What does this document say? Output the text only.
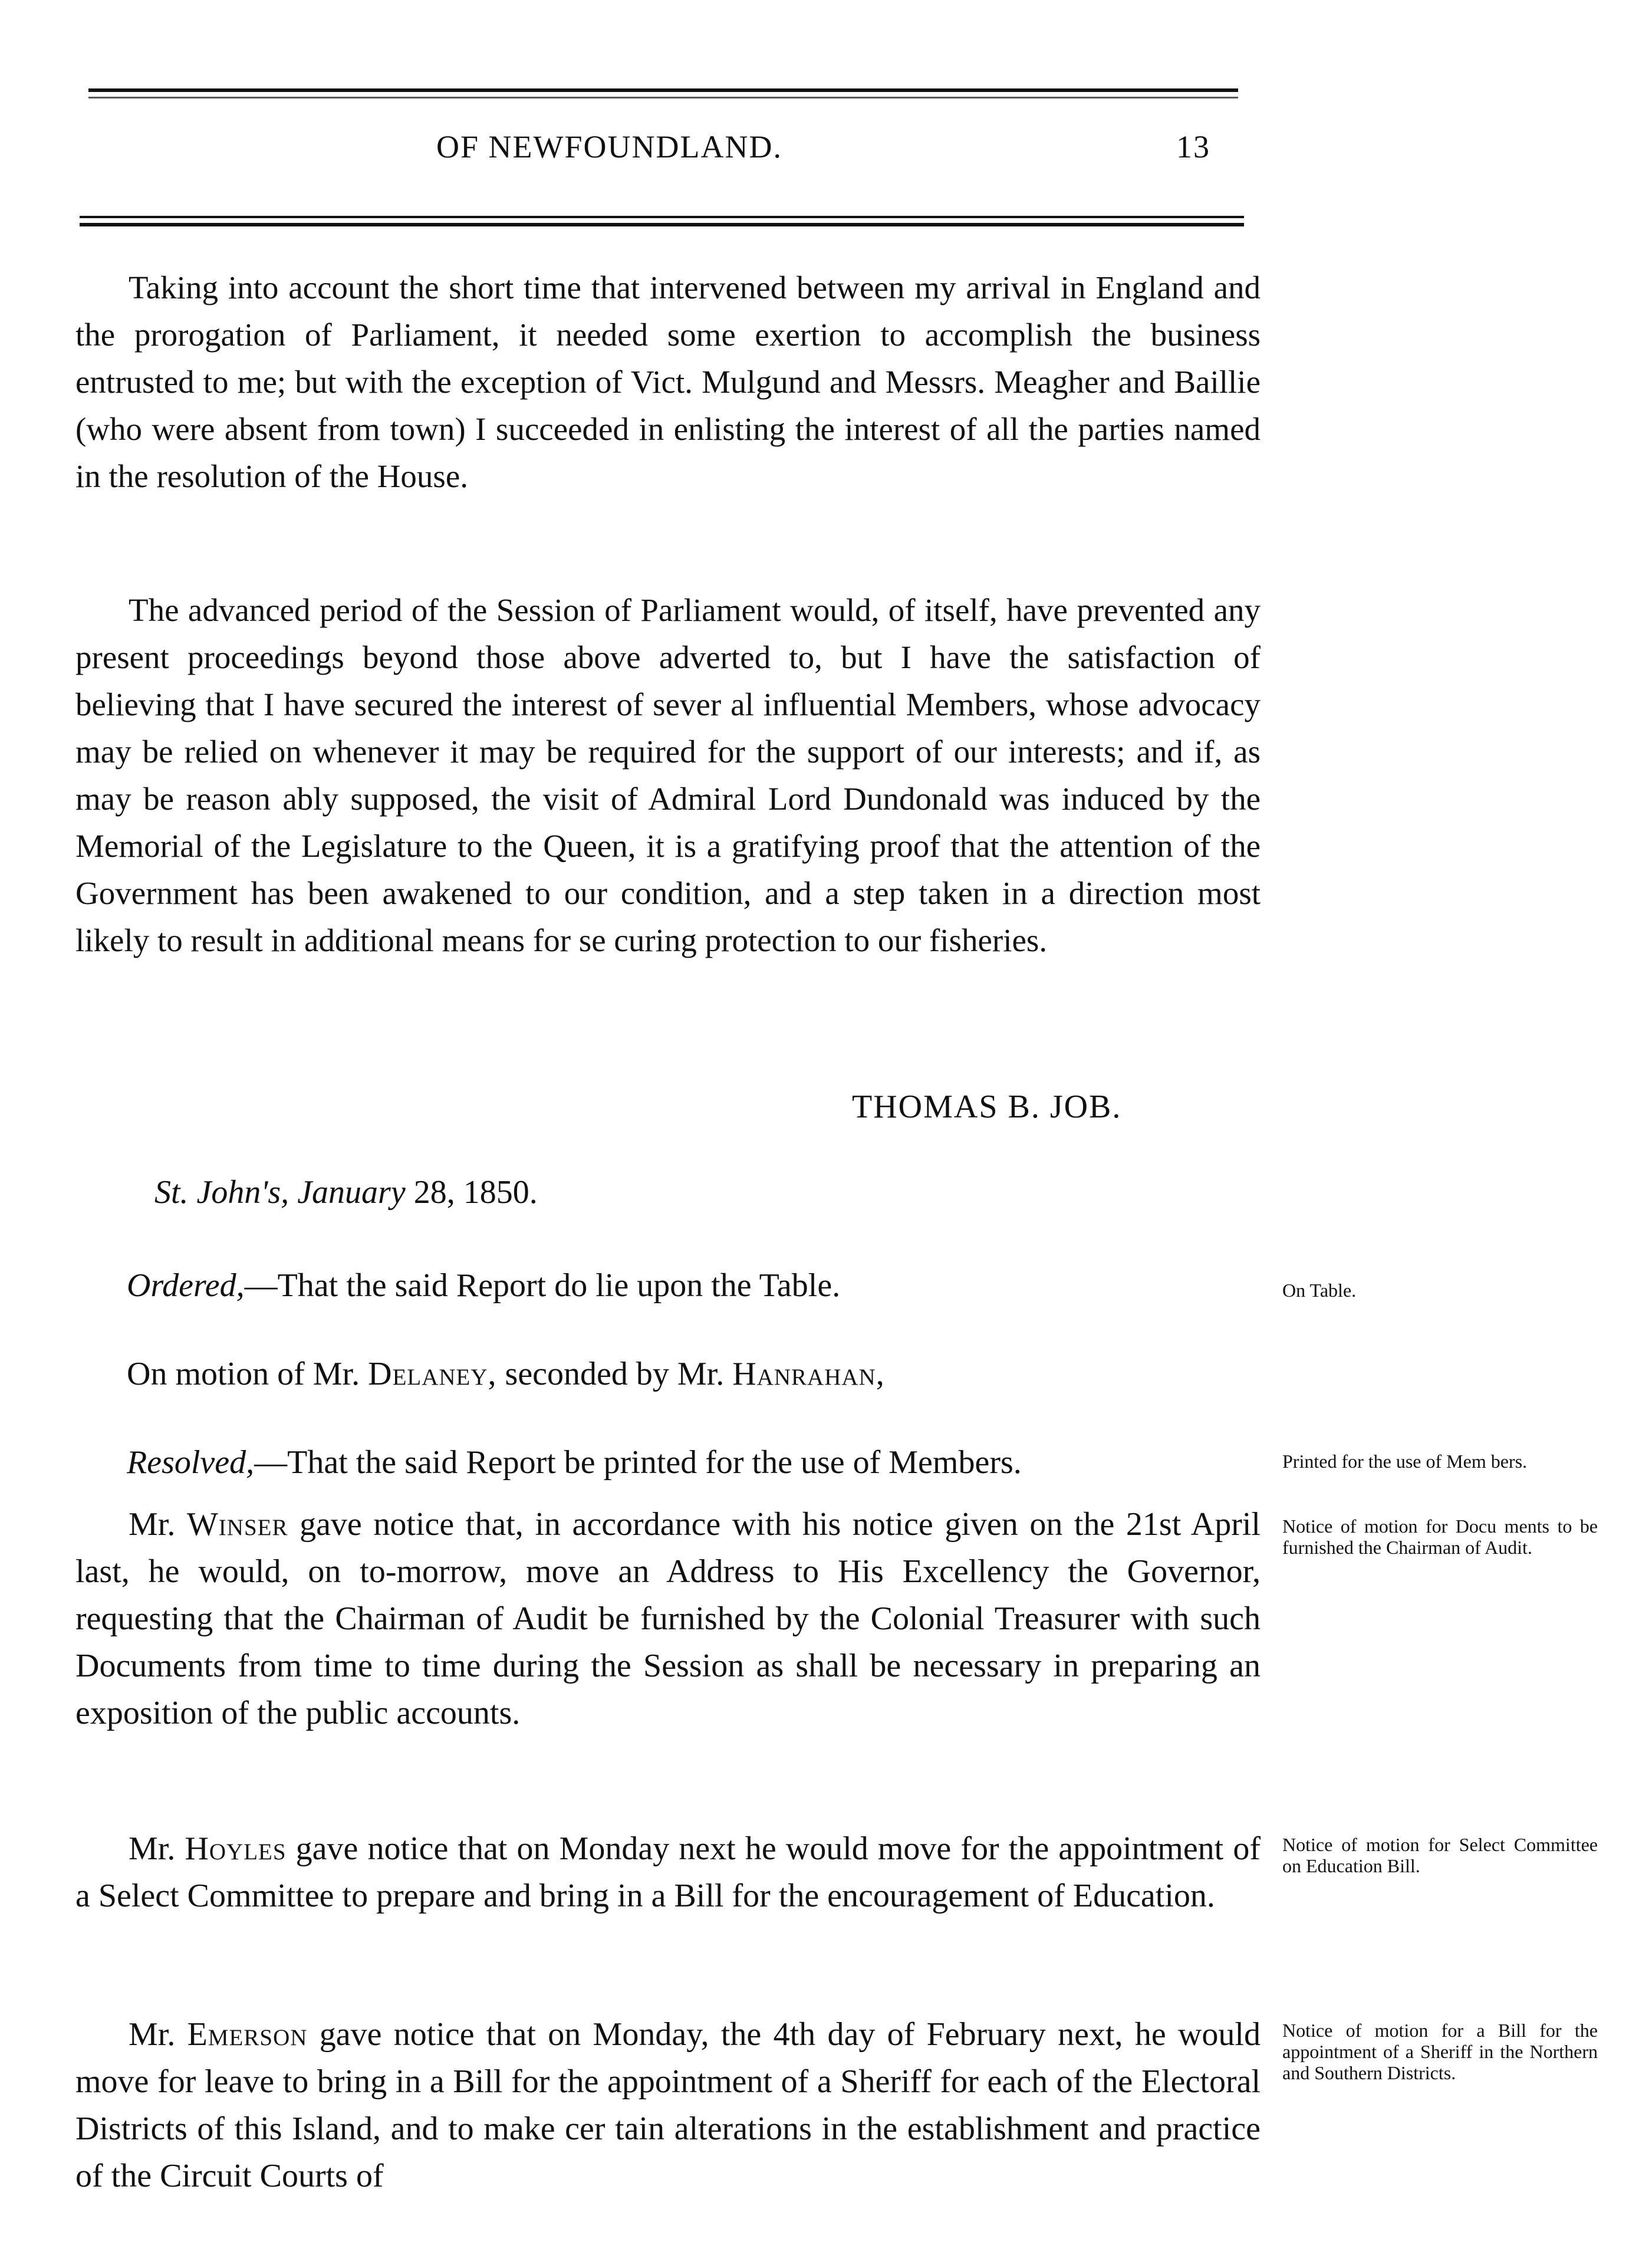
OF NEWFOUNDLAND.	13

Taking into account the short time that intervened between my arrival in England and the prorogation of Parliament, it needed some exertion to accomplish the business entrusted to me; but with the exception of Vict. Mulgund and Messrs. Meagher and Baillie (who were absent from town) I succeeded in enlisting the interest of all the parties named in the resolution of the House.

The advanced period of the Session of Parliament would, of itself, have prevented any present proceedings beyond those above adverted to, but I have the satisfaction of believing that I have secured the interest of sever al influential Members, whose advocacy may be relied on whenever it may be required for the support of our interests; and if, as may be reason ably supposed, the visit of Admiral Lord Dundonald was induced by the Memorial of the Legislature to the Queen, it is a gratifying proof that the attention of the Government has been awakened to our condition, and a step taken in a direction most likely to result in additional means for se curing protection to our fisheries.

THOMAS B. JOB.
St. John's, January 28, 1850.
Ordered,—That the said Report do lie upon the Table.
On motion of Mr. Delaney, seconded by Mr. Hanrahan,
Resolved,—That the said Report be printed for the use of Members.

Mr. Winser gave notice that, in accordance with his notice given on the 21st April last, he would, on to-morrow, move an Address to His Excellency the Governor, requesting that the Chairman of Audit be furnished by the Colonial Treasurer with such Documents from time to time during the Session as shall be necessary in preparing an exposition of the public accounts.

Mr. Hoyles gave notice that on Monday next he would move for the appointment of a Select Committee to prepare and bring in a Bill for the encouragement of Education.

Mr. Emerson gave notice that on Monday, the 4th day of February next, he would move for leave to bring in a Bill for the appointment of a Sheriff for each of the Electoral Districts of this Island, and to make cer tain alterations in the establishment and practice of the Circuit Courts of

On Table.
Printed for the use of Mem bers.
Notice of motion for Docu ments to be furnished the Chairman of Audit.
Notice of motion for Select Committee on Education Bill.
Notice of motion for a Bill for the appointment of a Sheriff in the Northern and Southern Districts.
